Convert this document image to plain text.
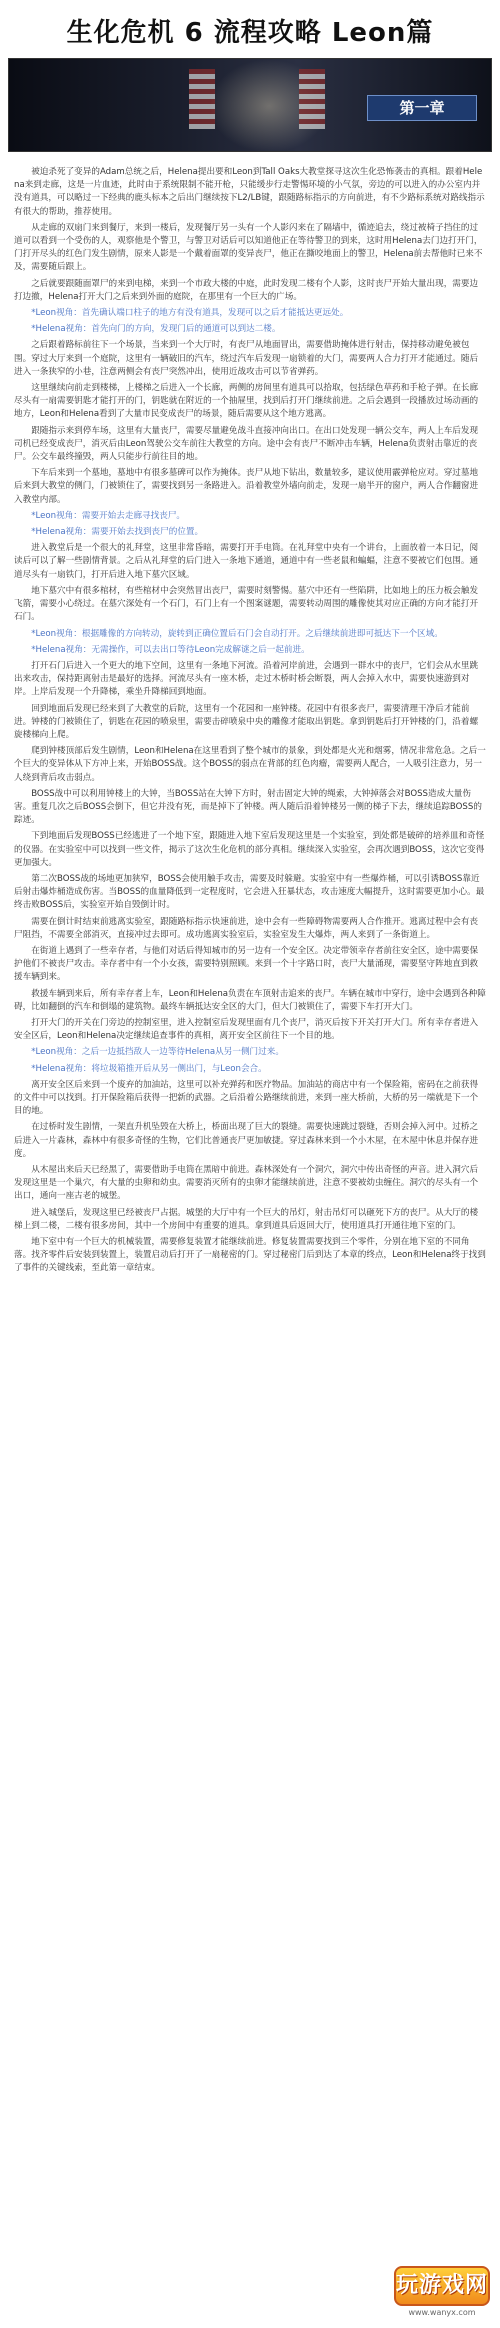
生化危机 6 流程攻略 Leon篇
第一章

被迫杀死了变异的Adam总统之后，Helena提出要和Leon到Tall Oaks大教堂探寻这次生化恐怖袭击的真相。跟着Helena来到走廊，这是一片血迹，此时由于系统限制不能开枪，只能缓步行走警惕环境的小气氛，旁边的可以进入的办公室内并没有道具，可以略过一下经典的鹿头标本之后出门继续按下L2/LB键，跟随路标指示的方向前进，有不少路标系统对路线指示有很大的帮助，推荐使用。

从走廊的双扇门来到餐厅，来到一楼后，发现餐厅另一头有一个人影闪来在了隔墙中，循迹追去，绕过被椅子挡住的过道可以看到一个受伤的人，观察他是个警卫，与警卫对话后可以知道他正在等待警卫的到来，这时用Helena去门边打开门，门打开尽头的红色门发生剧情，原来人影是一个戴着面罩的变异丧尸，他正在撕咬地面上的警卫，Helena前去帮他时已来不及，需要随后跟上。

之后就要跟随面罩尸的来到电梯，来到一个市政大楼的中庭，此时发现二楼有个人影，这时丧尸开始大量出现，需要边打边撤，Helena打开大门之后来到外面的庭院，在那里有一个巨大的广场。

*Leon视角：首先确认端口柱子的地方有没有道具，发现可以之后才能抵达更远处。

*Helena视角：首先向门的方向，发现门后的通道可以到达二楼。

之后跟着路标前往下一个场景，当来到一个大厅时，有丧尸从地面冒出，需要借助掩体进行射击，保持移动避免被包围。穿过大厅来到一个庭院，这里有一辆破旧的汽车，绕过汽车后发现一扇锁着的大门，需要两人合力打开才能通过。随后进入一条狭窄的小巷，注意两侧会有丧尸突然冲出，使用近战攻击可以节省弹药。

这里继续向前走到楼梯，上楼梯之后进入一个长廊，两侧的房间里有道具可以拾取，包括绿色草药和手枪子弹。在长廊尽头有一扇需要钥匙才能打开的门，钥匙就在附近的一个抽屉里，找到后打开门继续前进。之后会遇到一段播放过场动画的地方，Leon和Helena看到了大量市民变成丧尸的场景，随后需要从这个地方逃离。

跟随指示来到停车场，这里有大量丧尸，需要尽量避免战斗直接冲向出口。在出口处发现一辆公交车，两人上车后发现司机已经变成丧尸，消灭后由Leon驾驶公交车前往大教堂的方向。途中会有丧尸不断冲击车辆，Helena负责射击靠近的丧尸。公交车最终撞毁，两人只能步行前往目的地。

下车后来到一个墓地，墓地中有很多墓碑可以作为掩体。丧尸从地下钻出，数量较多，建议使用霰弹枪应对。穿过墓地后来到大教堂的侧门，门被锁住了，需要找到另一条路进入。沿着教堂外墙向前走，发现一扇半开的窗户，两人合作翻窗进入教堂内部。

*Leon视角：需要开始去走廊寻找丧尸。

*Helena视角：需要开始去找到丧尸的位置。

进入教堂后是一个很大的礼拜堂，这里非常昏暗，需要打开手电筒。在礼拜堂中央有一个讲台，上面放着一本日记，阅读后可以了解一些剧情背景。之后从礼拜堂的后门进入一条地下通道，通道中有一些老鼠和蝙蝠，注意不要被它们包围。通道尽头有一扇铁门，打开后进入地下墓穴区域。

地下墓穴中有很多棺材，有些棺材中会突然冒出丧尸，需要时刻警惕。墓穴中还有一些陷阱，比如地上的压力板会触发飞箭，需要小心绕过。在墓穴深处有一个石门，石门上有一个图案谜题，需要转动周围的雕像使其对应正确的方向才能打开石门。

*Leon视角：根据雕像的方向转动，旋转到正确位置后石门会自动打开。之后继续前进即可抵达下一个区域。

*Helena视角：无需操作，可以去出口等待Leon完成解谜之后一起前进。

打开石门后进入一个更大的地下空间，这里有一条地下河流。沿着河岸前进，会遇到一群水中的丧尸，它们会从水里跳出来攻击，保持距离射击是最好的选择。河流尽头有一座木桥，走过木桥时桥会断裂，两人会掉入水中，需要快速游到对岸。上岸后发现一个升降梯，乘坐升降梯回到地面。

回到地面后发现已经来到了大教堂的后院，这里有一个花园和一座钟楼。花园中有很多丧尸，需要清理干净后才能前进。钟楼的门被锁住了，钥匙在花园的喷泉里，需要击碎喷泉中央的雕像才能取出钥匙。拿到钥匙后打开钟楼的门，沿着螺旋楼梯向上爬。

爬到钟楼顶部后发生剧情，Leon和Helena在这里看到了整个城市的景象，到处都是火光和烟雾，情况非常危急。之后一个巨大的变异体从下方冲上来，开始BOSS战。这个BOSS的弱点在背部的红色肉瘤，需要两人配合，一人吸引注意力，另一人绕到背后攻击弱点。

BOSS战中可以利用钟楼上的大钟，当BOSS站在大钟下方时，射击固定大钟的绳索，大钟掉落会对BOSS造成大量伤害。重复几次之后BOSS会倒下，但它并没有死，而是掉下了钟楼。两人随后沿着钟楼另一侧的梯子下去，继续追踪BOSS的踪迹。

下到地面后发现BOSS已经逃进了一个地下室，跟随进入地下室后发现这里是一个实验室，到处都是破碎的培养皿和奇怪的仪器。在实验室中可以找到一些文件，揭示了这次生化危机的部分真相。继续深入实验室，会再次遇到BOSS，这次它变得更加强大。

第二次BOSS战的场地更加狭窄，BOSS会使用触手攻击，需要及时躲避。实验室中有一些爆炸桶，可以引诱BOSS靠近后射击爆炸桶造成伤害。当BOSS的血量降低到一定程度时，它会进入狂暴状态，攻击速度大幅提升，这时需要更加小心。最终击败BOSS后，实验室开始自毁倒计时。

需要在倒计时结束前逃离实验室，跟随路标指示快速前进，途中会有一些障碍物需要两人合作推开。逃离过程中会有丧尸阻挡，不需要全部消灭，直接冲过去即可。成功逃离实验室后，实验室发生大爆炸，两人来到了一条街道上。

在街道上遇到了一些幸存者，与他们对话后得知城市的另一边有一个安全区。决定带领幸存者前往安全区，途中需要保护他们不被丧尸攻击。幸存者中有一个小女孩，需要特别照顾。来到一个十字路口时，丧尸大量涌现，需要坚守阵地直到救援车辆到来。

救援车辆到来后，所有幸存者上车，Leon和Helena负责在车顶射击追来的丧尸。车辆在城市中穿行，途中会遇到各种障碍，比如翻倒的汽车和倒塌的建筑物。最终车辆抵达安全区的大门，但大门被锁住了，需要下车打开大门。

打开大门的开关在门旁边的控制室里，进入控制室后发现里面有几个丧尸，消灭后按下开关打开大门。所有幸存者进入安全区后，Leon和Helena决定继续追查事件的真相，离开安全区前往下一个目的地。

*Leon视角：之后一边抵挡敌人一边等待Helena从另一侧门过来。

*Helena视角：将垃圾箱推开后从另一侧出门，与Leon会合。

离开安全区后来到一个废弃的加油站，这里可以补充弹药和医疗物品。加油站的商店中有一个保险箱，密码在之前获得的文件中可以找到。打开保险箱后获得一把新的武器。之后沿着公路继续前进，来到一座大桥前，大桥的另一端就是下一个目的地。

在过桥时发生剧情，一架直升机坠毁在大桥上，桥面出现了巨大的裂缝。需要快速跳过裂缝，否则会掉入河中。过桥之后进入一片森林，森林中有很多奇怪的生物，它们比普通丧尸更加敏捷。穿过森林来到一个小木屋，在木屋中休息并保存进度。

从木屋出来后天已经黑了，需要借助手电筒在黑暗中前进。森林深处有一个洞穴，洞穴中传出奇怪的声音。进入洞穴后发现这里是一个巢穴，有大量的虫卵和幼虫。需要消灭所有的虫卵才能继续前进，注意不要被幼虫缠住。洞穴的尽头有一个出口，通向一座古老的城堡。

进入城堡后，发现这里已经被丧尸占据。城堡的大厅中有一个巨大的吊灯，射击吊灯可以砸死下方的丧尸。从大厅的楼梯上到二楼，二楼有很多房间，其中一个房间中有重要的道具。拿到道具后返回大厅，使用道具打开通往地下室的门。

地下室中有一个巨大的机械装置，需要修复装置才能继续前进。修复装置需要找到三个零件，分别在地下室的不同角落。找齐零件后安装到装置上，装置启动后打开了一扇秘密的门。穿过秘密门后到达了本章的终点，Leon和Helena终于找到了事件的关键线索，至此第一章结束。

玩游戏网
www.wanyx.com
